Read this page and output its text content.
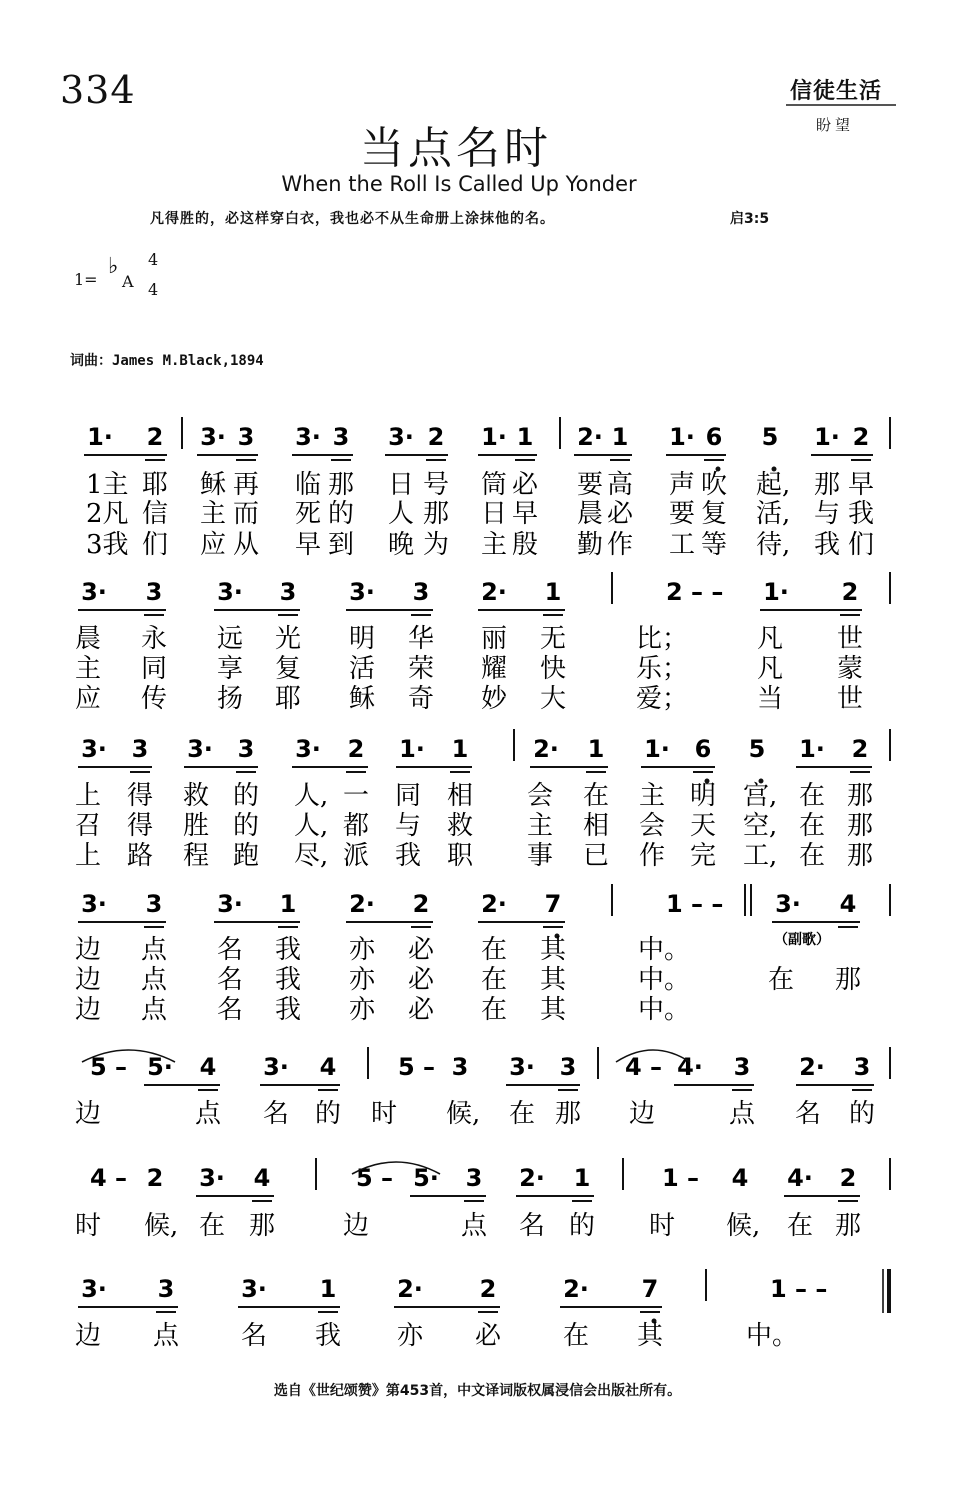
334	信徒生活
盼望
当点名时
When the Roll Is Called Up Yonder
凡得胜的，必这样穿白衣，我也必不从生命册上涂抹他的名。	启3:5
1=
♭
A
4
4
词曲：James M.Black,1894
1· 2 3· 3 3· 3 3· 2 1· 1 2· 1 1· 6 5 1· 2
1主 耶 稣 再 临 那 日 号 筒 必 要 高 声 吹 起, 那 早
2凡 信 主 而 死 的 人 那 日 早 晨 必 要 复 活, 与 我
3我 们 应 从 早 到 晚 为 主 殷 勤 作 工 等 待, 我 们
3· 3 3· 3 3· 3 2· 1	2 – – 1· 2
晨 永 远 光 明 华 丽 无	比；	凡 世
主 同 享 复 活 荣 耀 快	乐；	凡 蒙
应 传 扬 耶 稣 奇 妙 大	爱；	当 世
3· 3 3· 3 3· 2 1· 1	2· 1 1· 6 5 1· 2
上 得 救 的 人, 一 同 相 会 在 主 明 宫, 在 那
召 得 胜 的 人, 都 与 救 主 相 会 天 空, 在 那
上 路 程 跑 尽, 派 我 职 事 已 作 完 工, 在 那
3· 3 3· 1 2· 2 2· 7	1 – – 3· 4
（副歌）
边 点 名 我 亦 必 在 其	中。
边 点 名 我 亦 必 在 其	中。	在 那
边 点 名 我 亦 必 在 其	中。
5 – 5· 4 3· 4	5 – 3 3· 3 4 – 4· 3 2· 3
边	点 名 的 时 候, 在 那 边	点 名 的
4 – 2 3· 4	5 – 5· 3 2· 1	1 – 4 4· 2
时 候, 在 那	边	点 名 的 时 候, 在 那
3· 3	3· 1	2· 2	2· 7	1 – –
边 点 名 我 亦 必 在 其	中。
选自《世纪颂赞》第453首，中文译词版权属浸信会出版社所有。
